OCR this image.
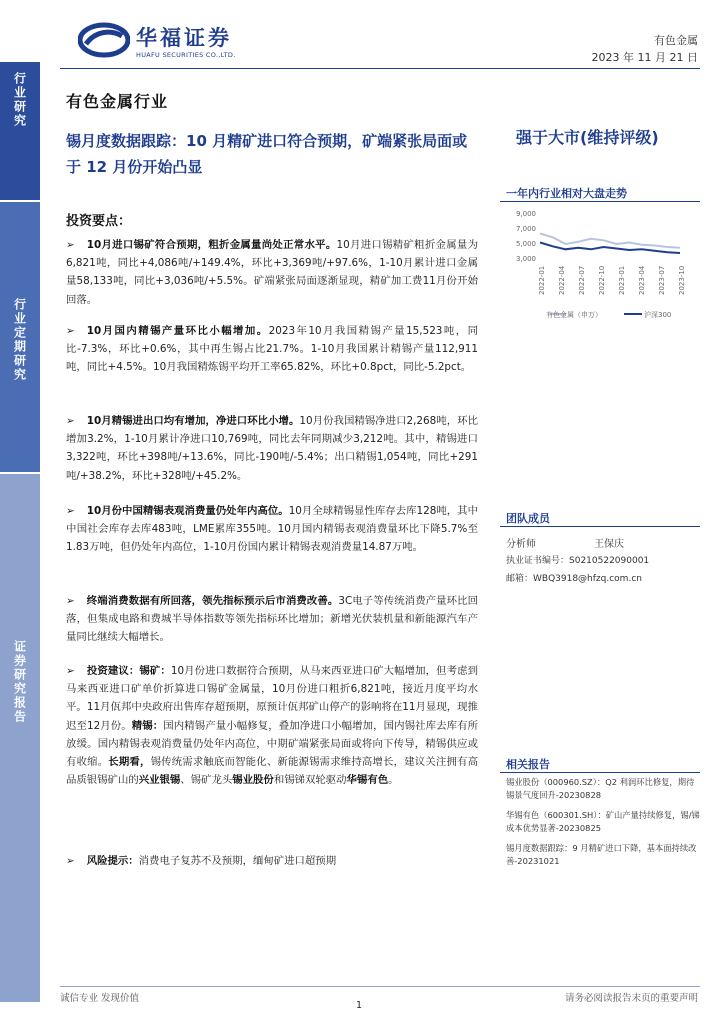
行业研究
行业定期研究
证券研究报告
华福证券
HUAFU SECURITIES CO.,LTD.
有色金属
2023 年 11 月 21 日
有色金属行业
锡月度数据跟踪：10 月精矿进口符合预期，矿端紧张局面或于 12 月份开始凸显
强于大市(维持评级)
一年内行业相对大盘走势
9,000
7,000
5,000
3,000
2022-01 2022-04 2022-07 2022-10 2023-01 2023-04 2023-07 2023-10
有色金属（申万）	沪深300
投资要点：
➢ 10月进口锡矿符合预期，粗折金属量尚处正常水平。10月进口锡精矿粗折金属量为6,821吨，同比+4,086吨/+149.4%，环比+3,369吨/+97.6%，1-10月累计进口金属量58,133吨，同比+3,036吨/+5.5%。矿端紧张局面逐渐显现，精矿加工费11月份开始回落。
➢ 10月国内精锡产量环比小幅增加。2023年10月我国精锡产量15,523吨，同比-7.3%，环比+0.6%，其中再生锡占比21.7%。1-10月我国累计精锡产量112,911吨，同比+4.5%。10月我国精炼锡平均开工率65.82%，环比+0.8pct，同比-5.2pct。
➢ 10月精锡进出口均有增加，净进口环比小增。10月份我国精锡净进口2,268吨，环比增加3.2%，1-10月累计净进口10,769吨，同比去年同期减少3,212吨。其中，精锡进口3,322吨，环比+398吨/+13.6%，同比-190吨/-5.4%；出口精锡1,054吨，同比+291吨/+38.2%，环比+328吨/+45.2%。
➢ 10月份中国精锡表观消费量仍处年内高位。10月全球精锡显性库存去库128吨，其中中国社会库存去库483吨，LME累库355吨。10月国内精锡表观消费量环比下降5.7%至1.83万吨，但仍处年内高位，1-10月份国内累计精锡表观消费量14.87万吨。
➢ 终端消费数据有所回落，领先指标预示后市消费改善。3C电子等传统消费产量环比回落，但集成电路和费城半导体指数等领先指标环比增加；新增光伏装机量和新能源汽车产量同比继续大幅增长。
➢ 投资建议：锡矿：10月份进口数据符合预期，从马来西亚进口矿大幅增加，但考虑到马来西亚进口矿单价折算进口锡矿金属量，10月份进口粗折6,821吨，接近月度平均水平。11月佤邦中央政府出售库存超预期，原预计佤邦矿山停产的影响将在11月显现，现推迟至12月份。精锡：国内精锡产量小幅修复，叠加净进口小幅增加，国内锡社库去库有所放缓。国内精锡表观消费量仍处年内高位，中期矿端紧张局面或将向下传导，精锡供应或有收缩。长期看，锡传统需求触底而智能化、新能源锡需求维持高增长，建议关注拥有高品质银锡矿山的兴业银锡、锡矿龙头锡业股份和锡锑双轮驱动华锡有色。
➢ 风险提示：消费电子复苏不及预期，缅甸矿进口超预期
团队成员
分析师	王保庆
执业证书编号：S0210522090001
邮箱：WBQ3918@hfzq.com.cn
相关报告
锡业股份（000960.SZ）：Q2 利润环比修复，期待锡景气度回升-20230828
华锡有色（600301.SH）：矿山产量持续修复，锡/锑成本优势显著-20230825
锡月度数据跟踪：9 月精矿进口下降，基本面持续改善-20231021
诚信专业 发现价值
1
请务必阅读报告末页的重要声明
